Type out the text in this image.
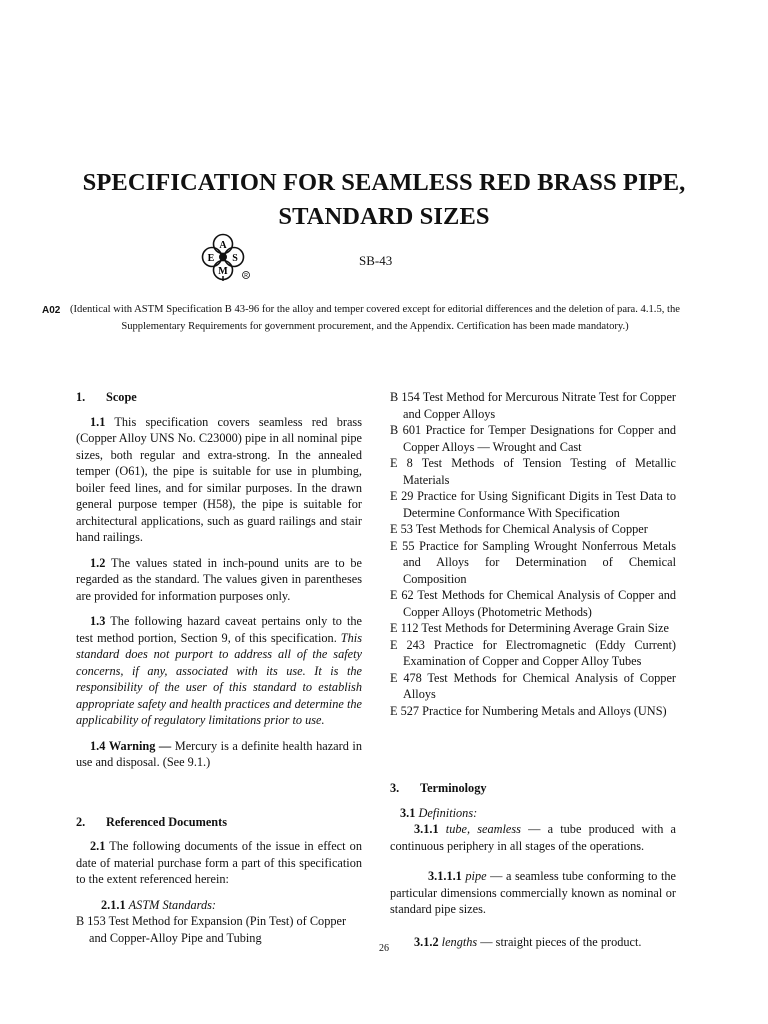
SPECIFICATION FOR SEAMLESS RED BRASS PIPE,
STANDARD SIZES
A
E S
M	R
SB-43
A02 (Identical with ASTM Specification B 43-96 for the alloy and temper covered except for editorial differences and the deletion of para. 4.1.5, the Supplementary Requirements for government procurement, and the Appendix. Certification has been made mandatory.)

1. Scope

1.1 This specification covers seamless red brass (Copper Alloy UNS No. C23000) pipe in all nominal pipe sizes, both regular and extra-strong. In the annealed temper (O61), the pipe is suitable for use in plumbing, boiler feed lines, and for similar purposes. In the drawn general purpose temper (H58), the pipe is suitable for architectural applications, such as guard railings and stair hand railings.

1.2 The values stated in inch-pound units are to be regarded as the standard. The values given in parentheses are provided for information purposes only.

1.3 The following hazard caveat pertains only to the test method portion, Section 9, of this specification. This standard does not purport to address all of the safety concerns, if any, associated with its use. It is the responsibility of the user of this standard to establish appropriate safety and health practices and determine the applicability of regulatory limitations prior to use.

1.4 Warning — Mercury is a definite health hazard in use and disposal. (See 9.1.)

2. Referenced Documents

2.1 The following documents of the issue in effect on date of material purchase form a part of this specification to the extent referenced herein:

2.1.1 ASTM Standards:

B 153 Test Method for Expansion (Pin Test) of Copper and Copper-Alloy Pipe and Tubing
B 154 Test Method for Mercurous Nitrate Test for Copper and Copper Alloys
B 601 Practice for Temper Designations for Copper and Copper Alloys — Wrought and Cast
E 8 Test Methods of Tension Testing of Metallic Materials
E 29 Practice for Using Significant Digits in Test Data to Determine Conformance With Specification
E 53 Test Methods for Chemical Analysis of Copper
E 55 Practice for Sampling Wrought Nonferrous Metals and Alloys for Determination of Chemical Composition
E 62 Test Methods for Chemical Analysis of Copper and Copper Alloys (Photometric Methods)
E 112 Test Methods for Determining Average Grain Size
E 243 Practice for Electromagnetic (Eddy Current) Examination of Copper and Copper Alloy Tubes
E 478 Test Methods for Chemical Analysis of Copper Alloys
E 527 Practice for Numbering Metals and Alloys (UNS)

3. Terminology

3.1 Definitions:

3.1.1 tube, seamless — a tube produced with a continuous periphery in all stages of the operations.

3.1.1.1 pipe — a seamless tube conforming to the particular dimensions commercially known as nominal or standard pipe sizes.

3.1.2 lengths — straight pieces of the product.

26
